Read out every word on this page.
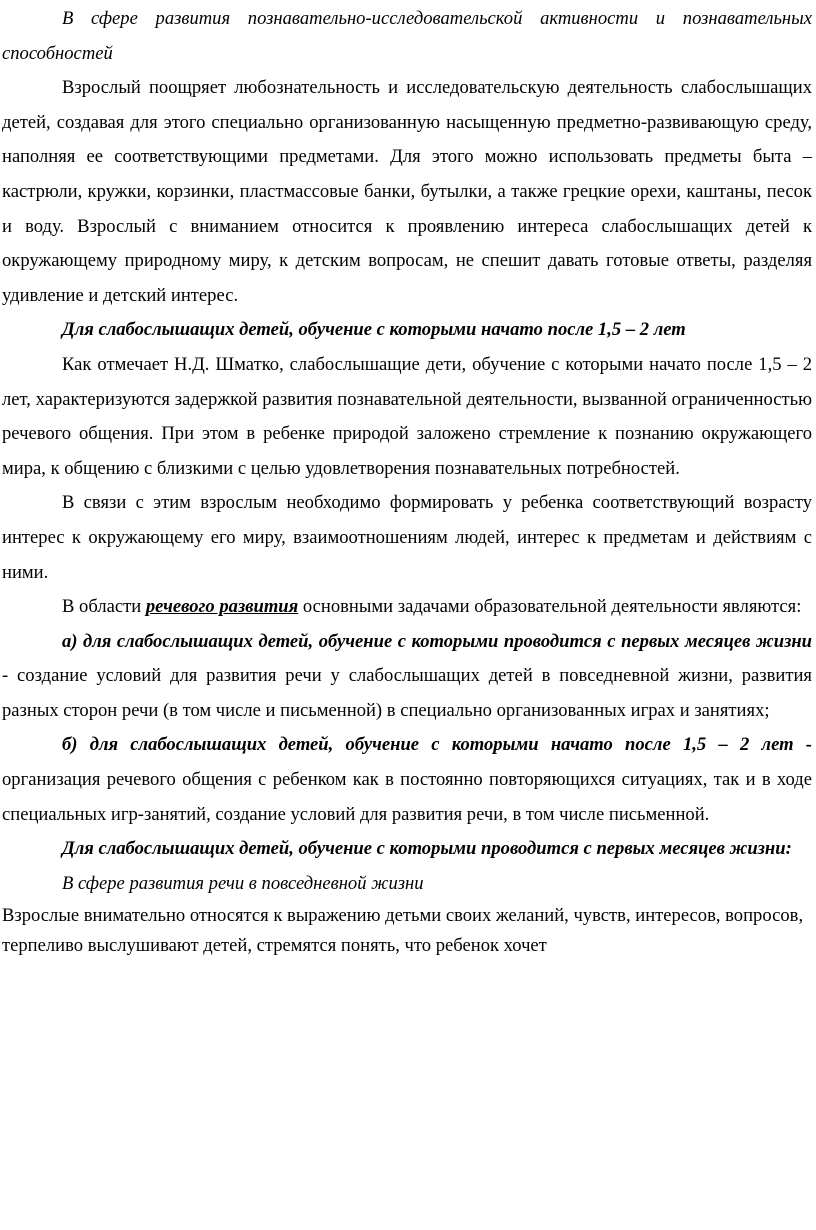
В сфере развития познавательно-исследовательской активности и познавательных способностей

Взрослый поощряет любознательность и исследовательскую деятельность слабослышащих детей, создавая для этого специально организованную насыщенную предметно-развивающую среду, наполняя ее соответствующими предметами. Для этого можно использовать предметы быта – кастрюли, кружки, корзинки, пластмассовые банки, бутылки, а также грецкие орехи, каштаны, песок и воду. Взрослый с вниманием относится к проявлению интереса слабослышащих детей к окружающему природному миру, к детским вопросам, не спешит давать готовые ответы, разделяя удивление и детский интерес.

Для слабослышащих детей, обучение с которыми начато после 1,5 – 2 лет

Как отмечает Н.Д. Шматко, слабослышащие дети, обучение с которыми начато после 1,5 – 2 лет, характеризуются задержкой развития познавательной деятельности, вызванной ограниченностью речевого общения. При этом в ребенке природой заложено стремление к познанию окружающего мира, к общению с близкими с целью удовлетворения познавательных потребностей.

В связи с этим взрослым необходимо формировать у ребенка соответствующий возрасту интерес к окружающему его миру, взаимоотношениям людей, интерес к предметам и действиям с ними.

В области речевого развития основными задачами образовательной деятельности являются:

а) для слабослышащих детей, обучение с которыми проводится с первых месяцев жизни - создание условий для развития речи у слабослышащих детей в повседневной жизни, развития разных сторон речи (в том числе и письменной) в специально организованных играх и занятиях;

б) для слабослышащих детей, обучение с которыми начато после 1,5 – 2 лет - организация речевого общения с ребенком как в постоянно повторяющихся ситуациях, так и в ходе специальных игр-занятий, создание условий для развития речи, в том числе письменной.

Для слабослышащих детей, обучение с которыми проводится с первых месяцев жизни:

В сфере развития речи в повседневной жизни

Взрослые внимательно относятся к выражению детьми своих желаний, чувств, интересов, вопросов, терпеливо выслушивают детей, стремятся понять, что ребенок хочет
